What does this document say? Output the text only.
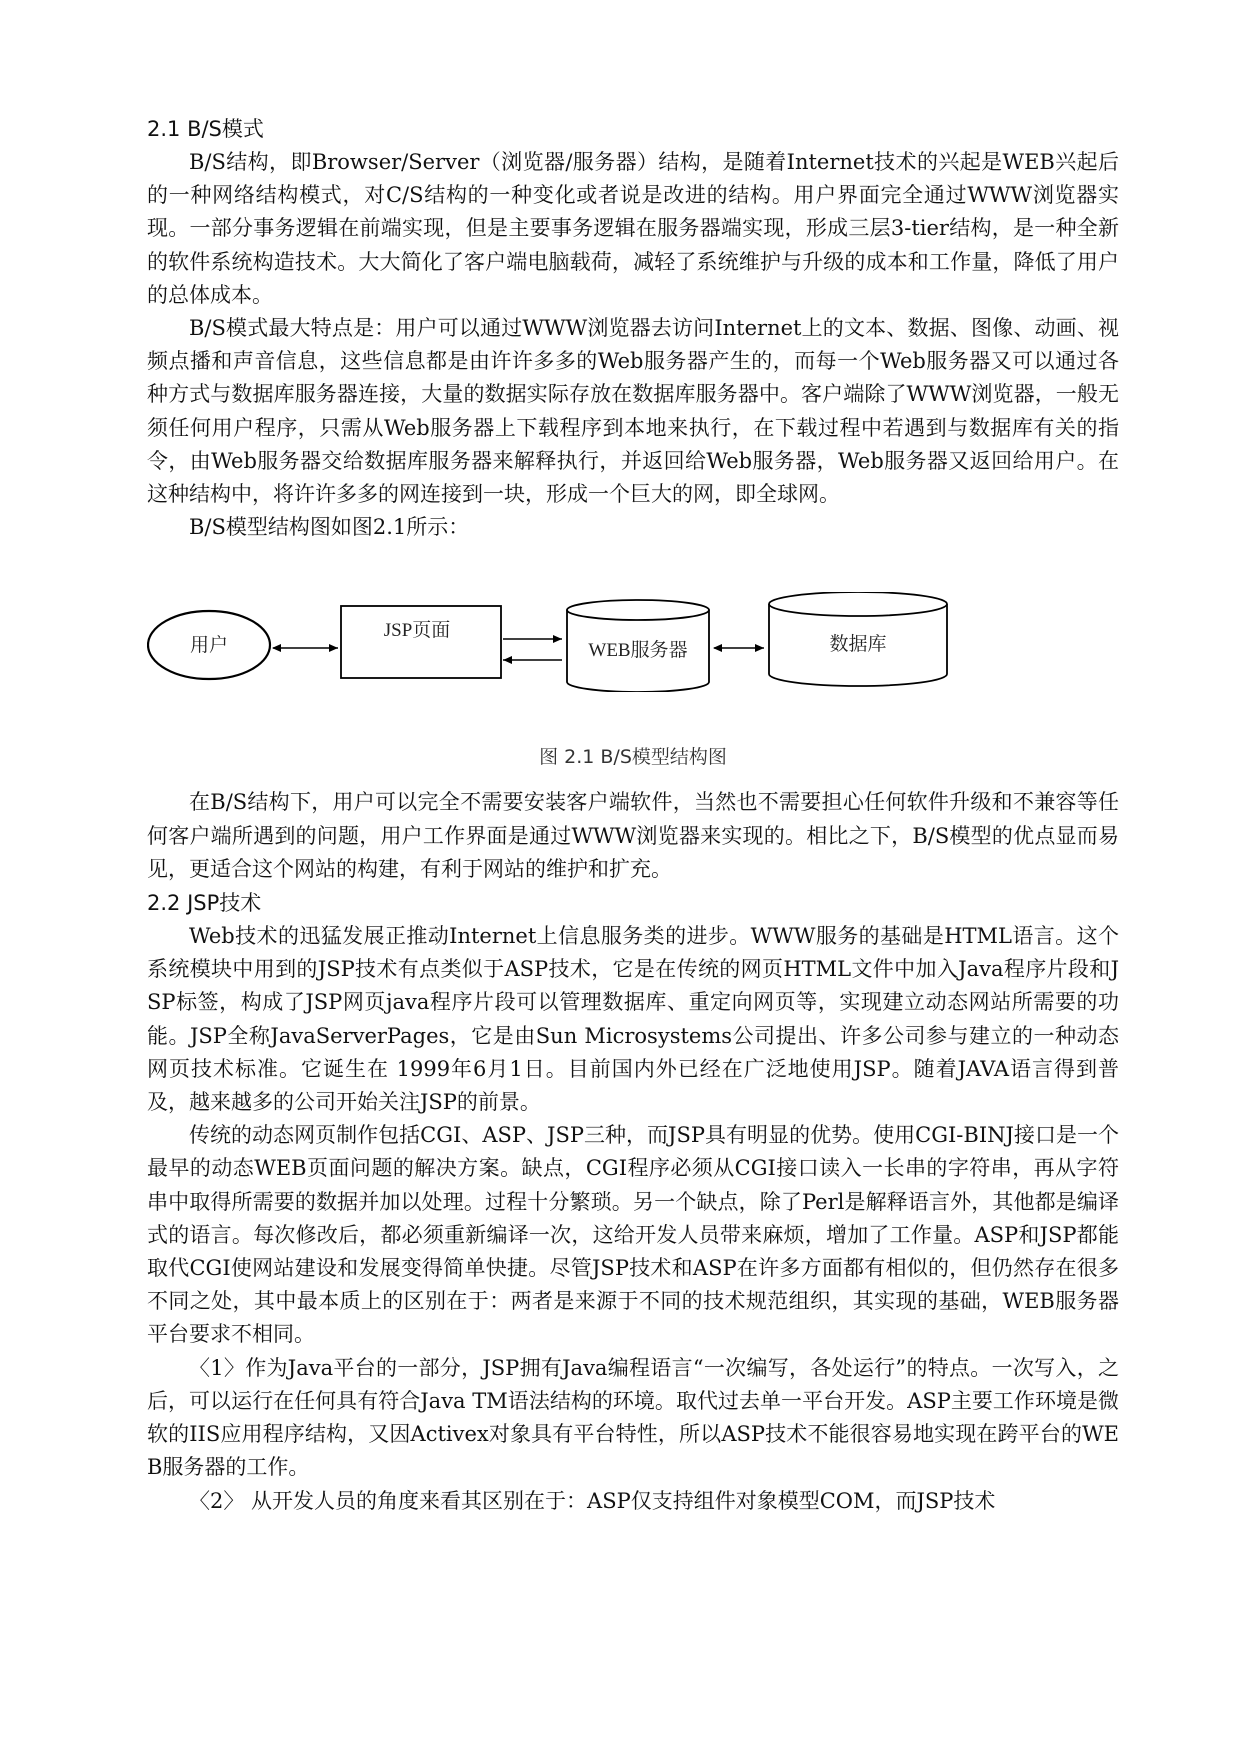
2.1 B/S模式

B/S结构，即Browser/Server（浏览器/服务器）结构，是随着Internet技术的兴起是WEB兴起后的一种网络结构模式，对C/S结构的一种变化或者说是改进的结构。用户界面完全通过WWW浏览器实现。一部分事务逻辑在前端实现，但是主要事务逻辑在服务器端实现，形成三层3-tier结构，是一种全新的软件系统构造技术。大大简化了客户端电脑载荷，减轻了系统维护与升级的成本和工作量，降低了用户的总体成本。

B/S模式最大特点是：用户可以通过WWW浏览器去访问Internet上的文本、数据、图像、动画、视频点播和声音信息，这些信息都是由许许多多的Web服务器产生的，而每一个Web服务器又可以通过各种方式与数据库服务器连接，大量的数据实际存放在数据库服务器中。客户端除了WWW浏览器，一般无须任何用户程序，只需从Web服务器上下载程序到本地来执行，在下载过程中若遇到与数据库有关的指令，由Web服务器交给数据库服务器来解释执行，并返回给Web服务器，Web服务器又返回给用户。在这种结构中，将许许多多的网连接到一块，形成一个巨大的网，即全球网。

B/S模型结构图如图2.1所示：

用户
JSP页面
WEB服务器	数据库
图 2.1 B/S模型结构图

在B/S结构下，用户可以完全不需要安装客户端软件，当然也不需要担心任何软件升级和不兼容等任何客户端所遇到的问题，用户工作界面是通过WWW浏览器来实现的。相比之下，B/S模型的优点显而易见，更适合这个网站的构建，有利于网站的维护和扩充。

2.2 JSP技术

Web技术的迅猛发展正推动Internet上信息服务类的进步。WWW服务的基础是HTML语言。这个系统模块中用到的JSP技术有点类似于ASP技术，它是在传统的网页HTML文件中加入Java程序片段和JSP标签，构成了JSP网页java程序片段可以管理数据库、重定向网页等，实现建立动态网站所需要的功能。JSP全称JavaServerPages，它是由Sun Microsystems公司提出、许多公司参与建立的一种动态网页技术标准。它诞生在 1999年6月1日。目前国内外已经在广泛地使用JSP。随着JAVA语言得到普及，越来越多的公司开始关注JSP的前景。

传统的动态网页制作包括CGI、ASP、JSP三种，而JSP具有明显的优势。使用CGI-BINJ接口是一个最早的动态WEB页面问题的解决方案。缺点，CGI程序必须从CGI接口读入一长串的字符串，再从字符串中取得所需要的数据并加以处理。过程十分繁琐。另一个缺点，除了Perl是解释语言外，其他都是编译式的语言。每次修改后，都必须重新编译一次，这给开发人员带来麻烦，增加了工作量。ASP和JSP都能取代CGI使网站建设和发展变得简单快捷。尽管JSP技术和ASP在许多方面都有相似的，但仍然存在很多不同之处，其中最本质上的区别在于：两者是来源于不同的技术规范组织，其实现的基础，WEB服务器平台要求不相同。

〈1〉作为Java平台的一部分，JSP拥有Java编程语言“一次编写，各处运行”的特点。一次写入，之后，可以运行在任何具有符合Java TM语法结构的环境。取代过去单一平台开发。ASP主要工作环境是微软的IIS应用程序结构，又因Activex对象具有平台特性，所以ASP技术不能很容易地实现在跨平台的WEB服务器的工作。

〈2〉 从开发人员的角度来看其区别在于：ASP仅支持组件对象模型COM，而JSP技术
